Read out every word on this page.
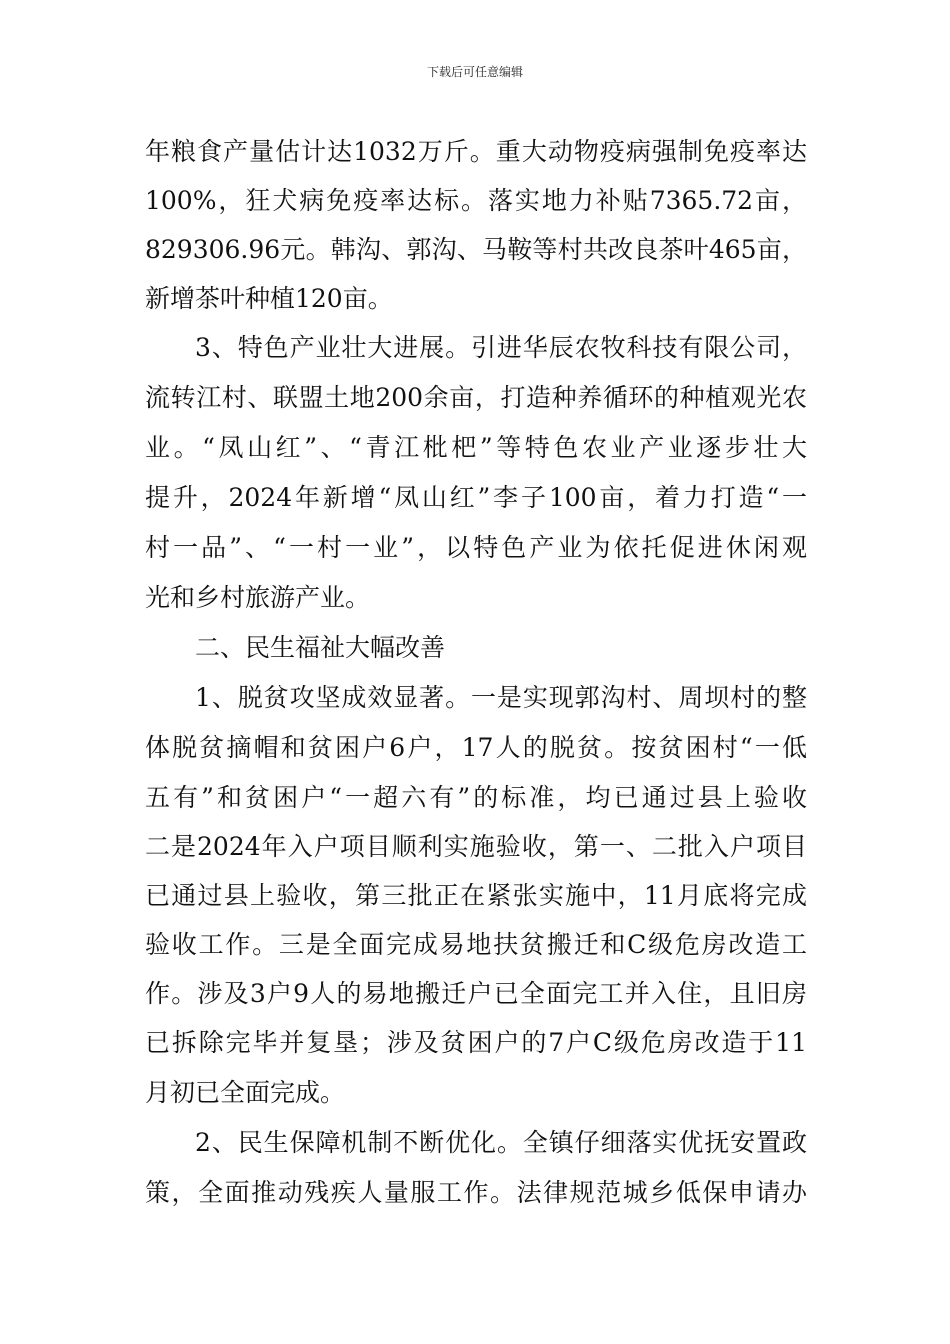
下载后可任意编辑
年粮食产量估计达1032万斤。重大动物疫病强制免疫率达
100%，狂犬病免疫率达标。落实地力补贴7365.72亩，
829306.96元。韩沟、郭沟、马鞍等村共改良茶叶465亩，
新增茶叶种植120亩。
3、特色产业壮大进展。引进华辰农牧科技有限公司，
流转江村、联盟土地200余亩，打造种养循环的种植观光农
业。“凤山红”、“青江枇杷”等特色农业产业逐步壮大
提升，2024年新增“凤山红”李子100亩，着力打造“一
村一品”、“一村一业”，以特色产业为依托促进休闲观
光和乡村旅游产业。
二、民生福祉大幅改善
1、脱贫攻坚成效显著。一是实现郭沟村、周坝村的整
体脱贫摘帽和贫困户6户，17人的脱贫。按贫困村“一低
五有”和贫困户“一超六有”的标准，均已通过县上验收
二是2024年入户项目顺利实施验收，第一、二批入户项目
已通过县上验收，第三批正在紧张实施中，11月底将完成
验收工作。三是全面完成易地扶贫搬迁和C级危房改造工
作。涉及3户9人的易地搬迁户已全面完工并入住，且旧房
已拆除完毕并复垦；涉及贫困户的7户C级危房改造于11
月初已全面完成。
2、民生保障机制不断优化。全镇仔细落实优抚安置政
策，全面推动残疾人量服工作。法律规范城乡低保申请办
